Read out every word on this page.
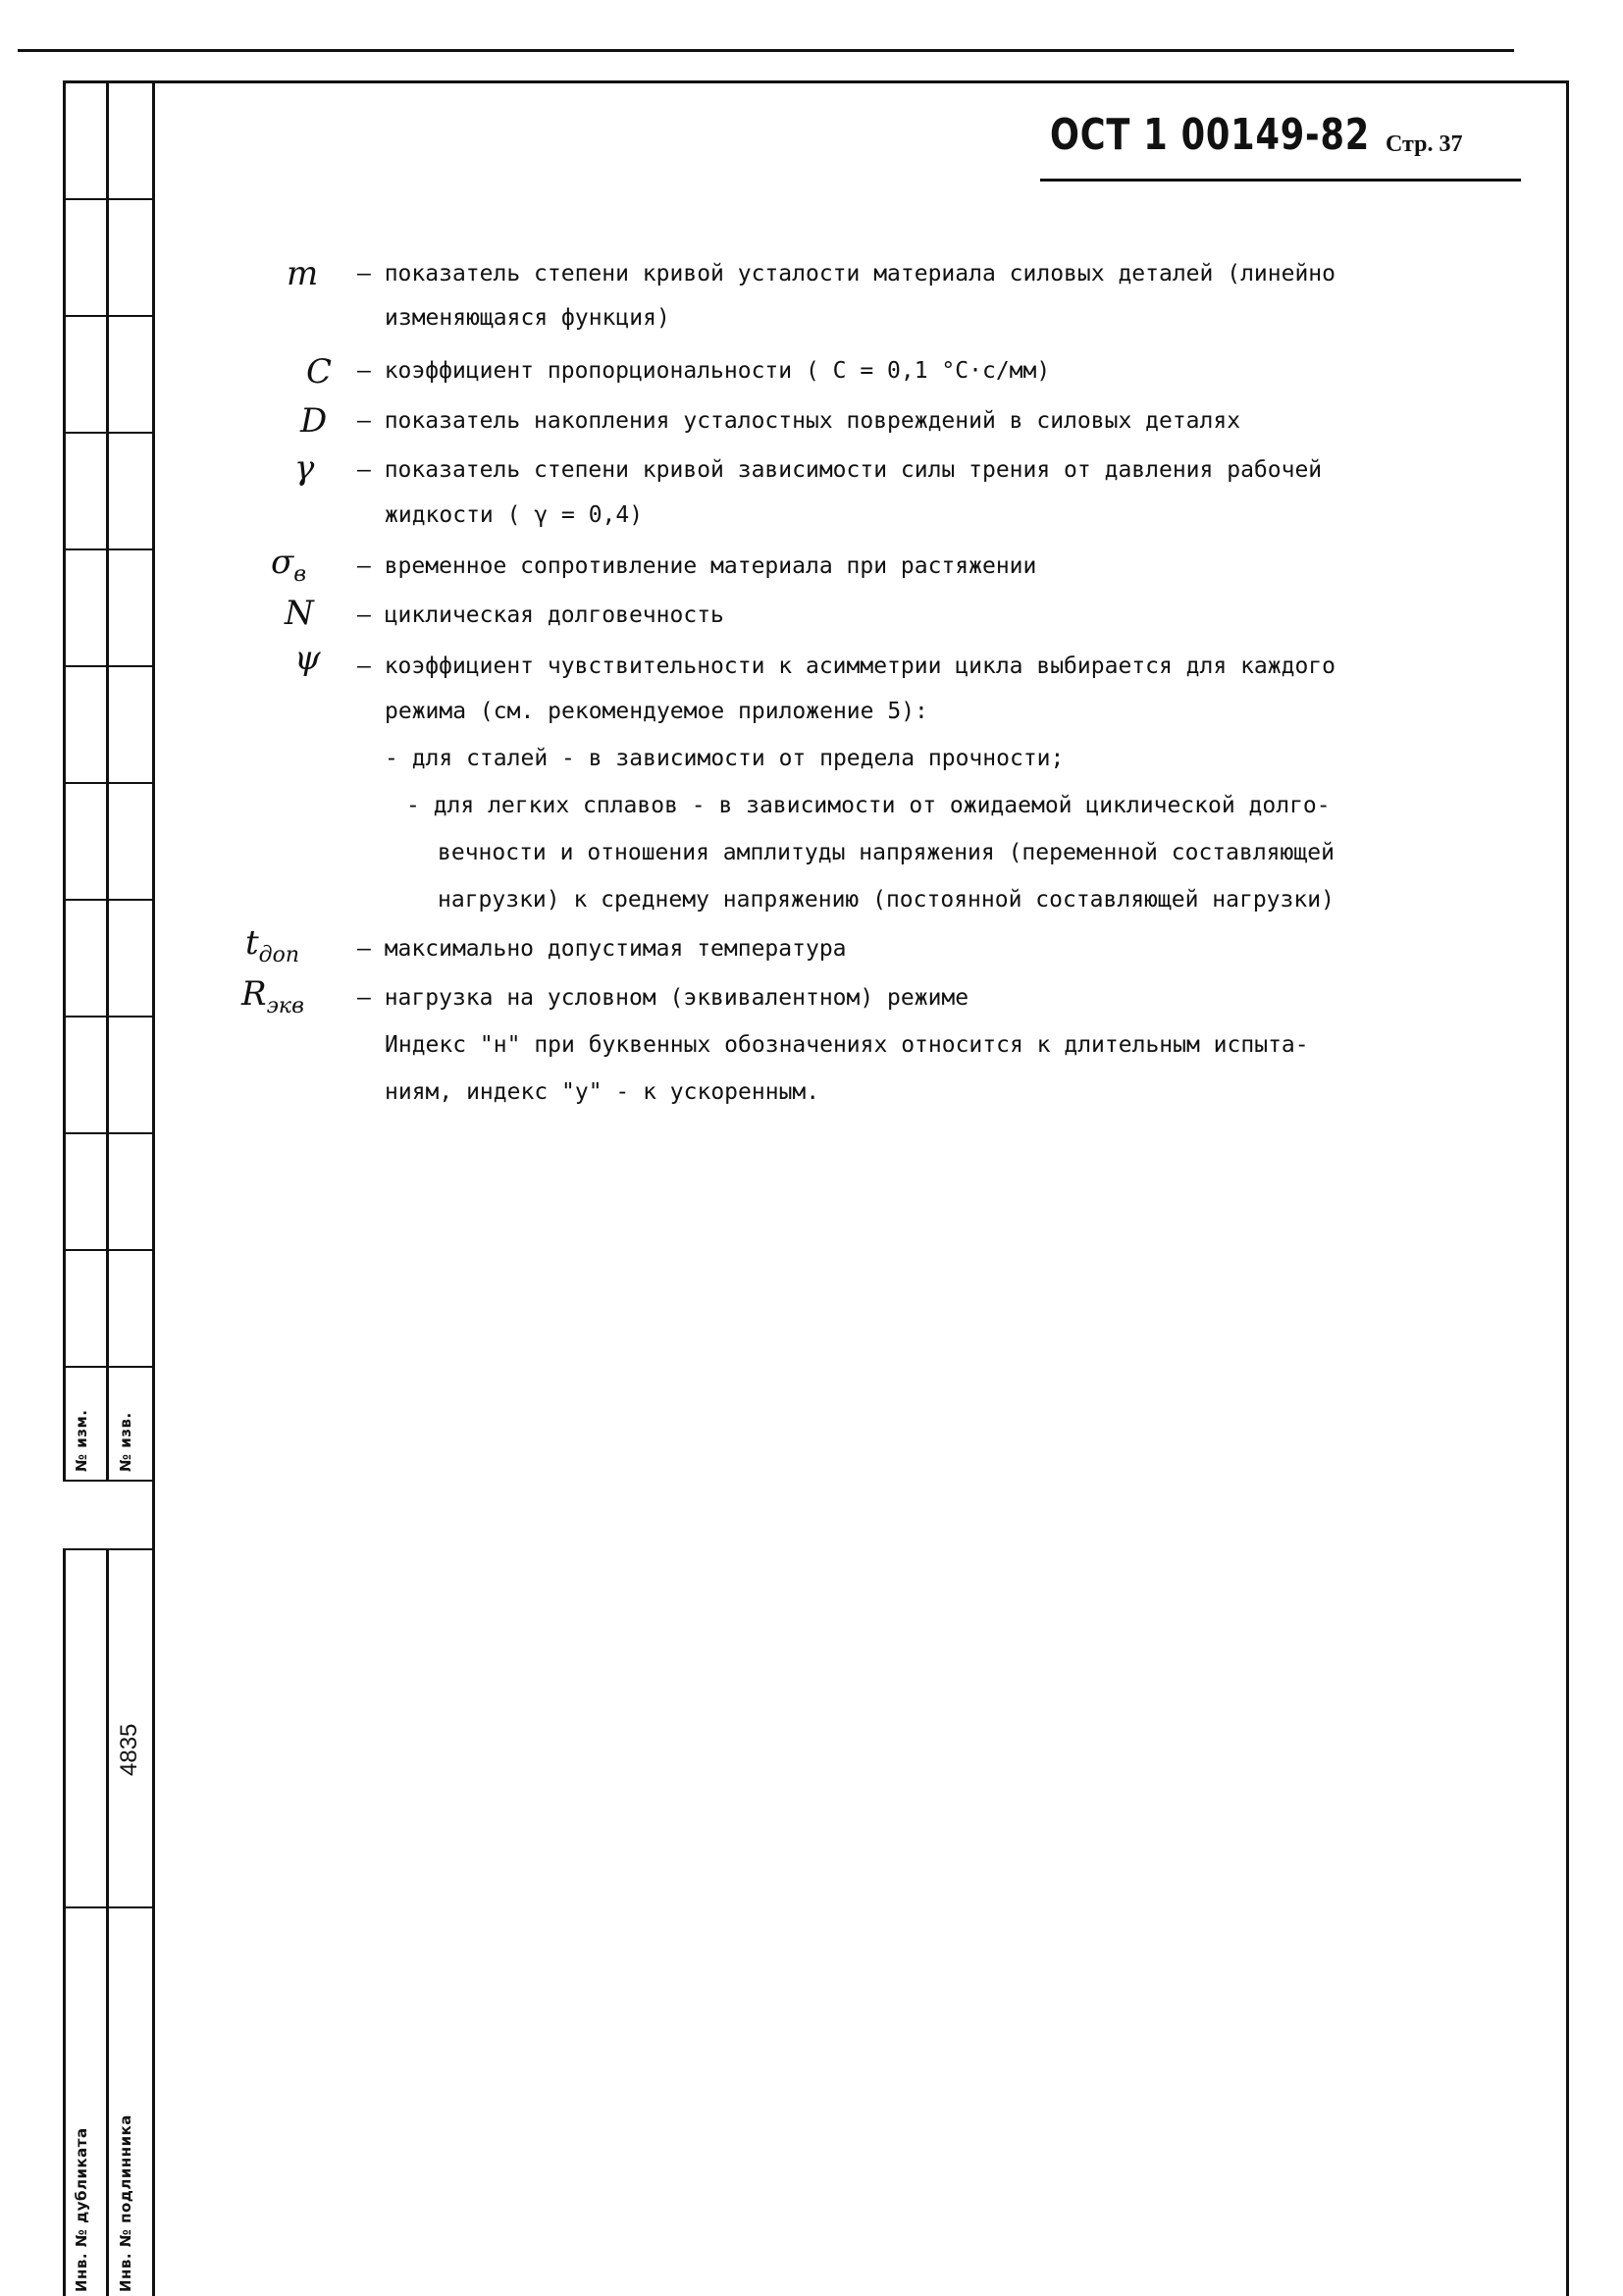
№ изм. № изв.
4835
Инв. № дубликата Инв. № подлинника
ОСТ 1 00149-82 Стр. 37
m – показатель степени кривой усталости материала силовых деталей (линейно
изменяющаяся функция)
C – коэффициент пропорциональности ( C = 0,1 °С·с/мм)
D – показатель накопления усталостных повреждений в силовых деталях
γ – показатель степени кривой зависимости силы трения от давления рабочей
жидкости ( γ = 0,4)
$\sigma_в$ – временное сопротивление материала при растяжении
N – циклическая долговечность
ψ – коэффициент чувствительности к асимметрии цикла выбирается для каждого
режима (см. рекомендуемое приложение 5):
- для сталей - в зависимости от предела прочности;
- для легких сплавов - в зависимости от ожидаемой циклической долго-
вечности и отношения амплитуды напряжения (переменной составляющей
нагрузки) к среднему напряжению (постоянной составляющей нагрузки)
$t_{доп}$	– максимально допустимая температура
$R_{экв}$ – нагрузка на условном (эквивалентном) режиме
Индекс "н" при буквенных обозначениях относится к длительным испыта-
ниям, индекс "у" - к ускоренным.
